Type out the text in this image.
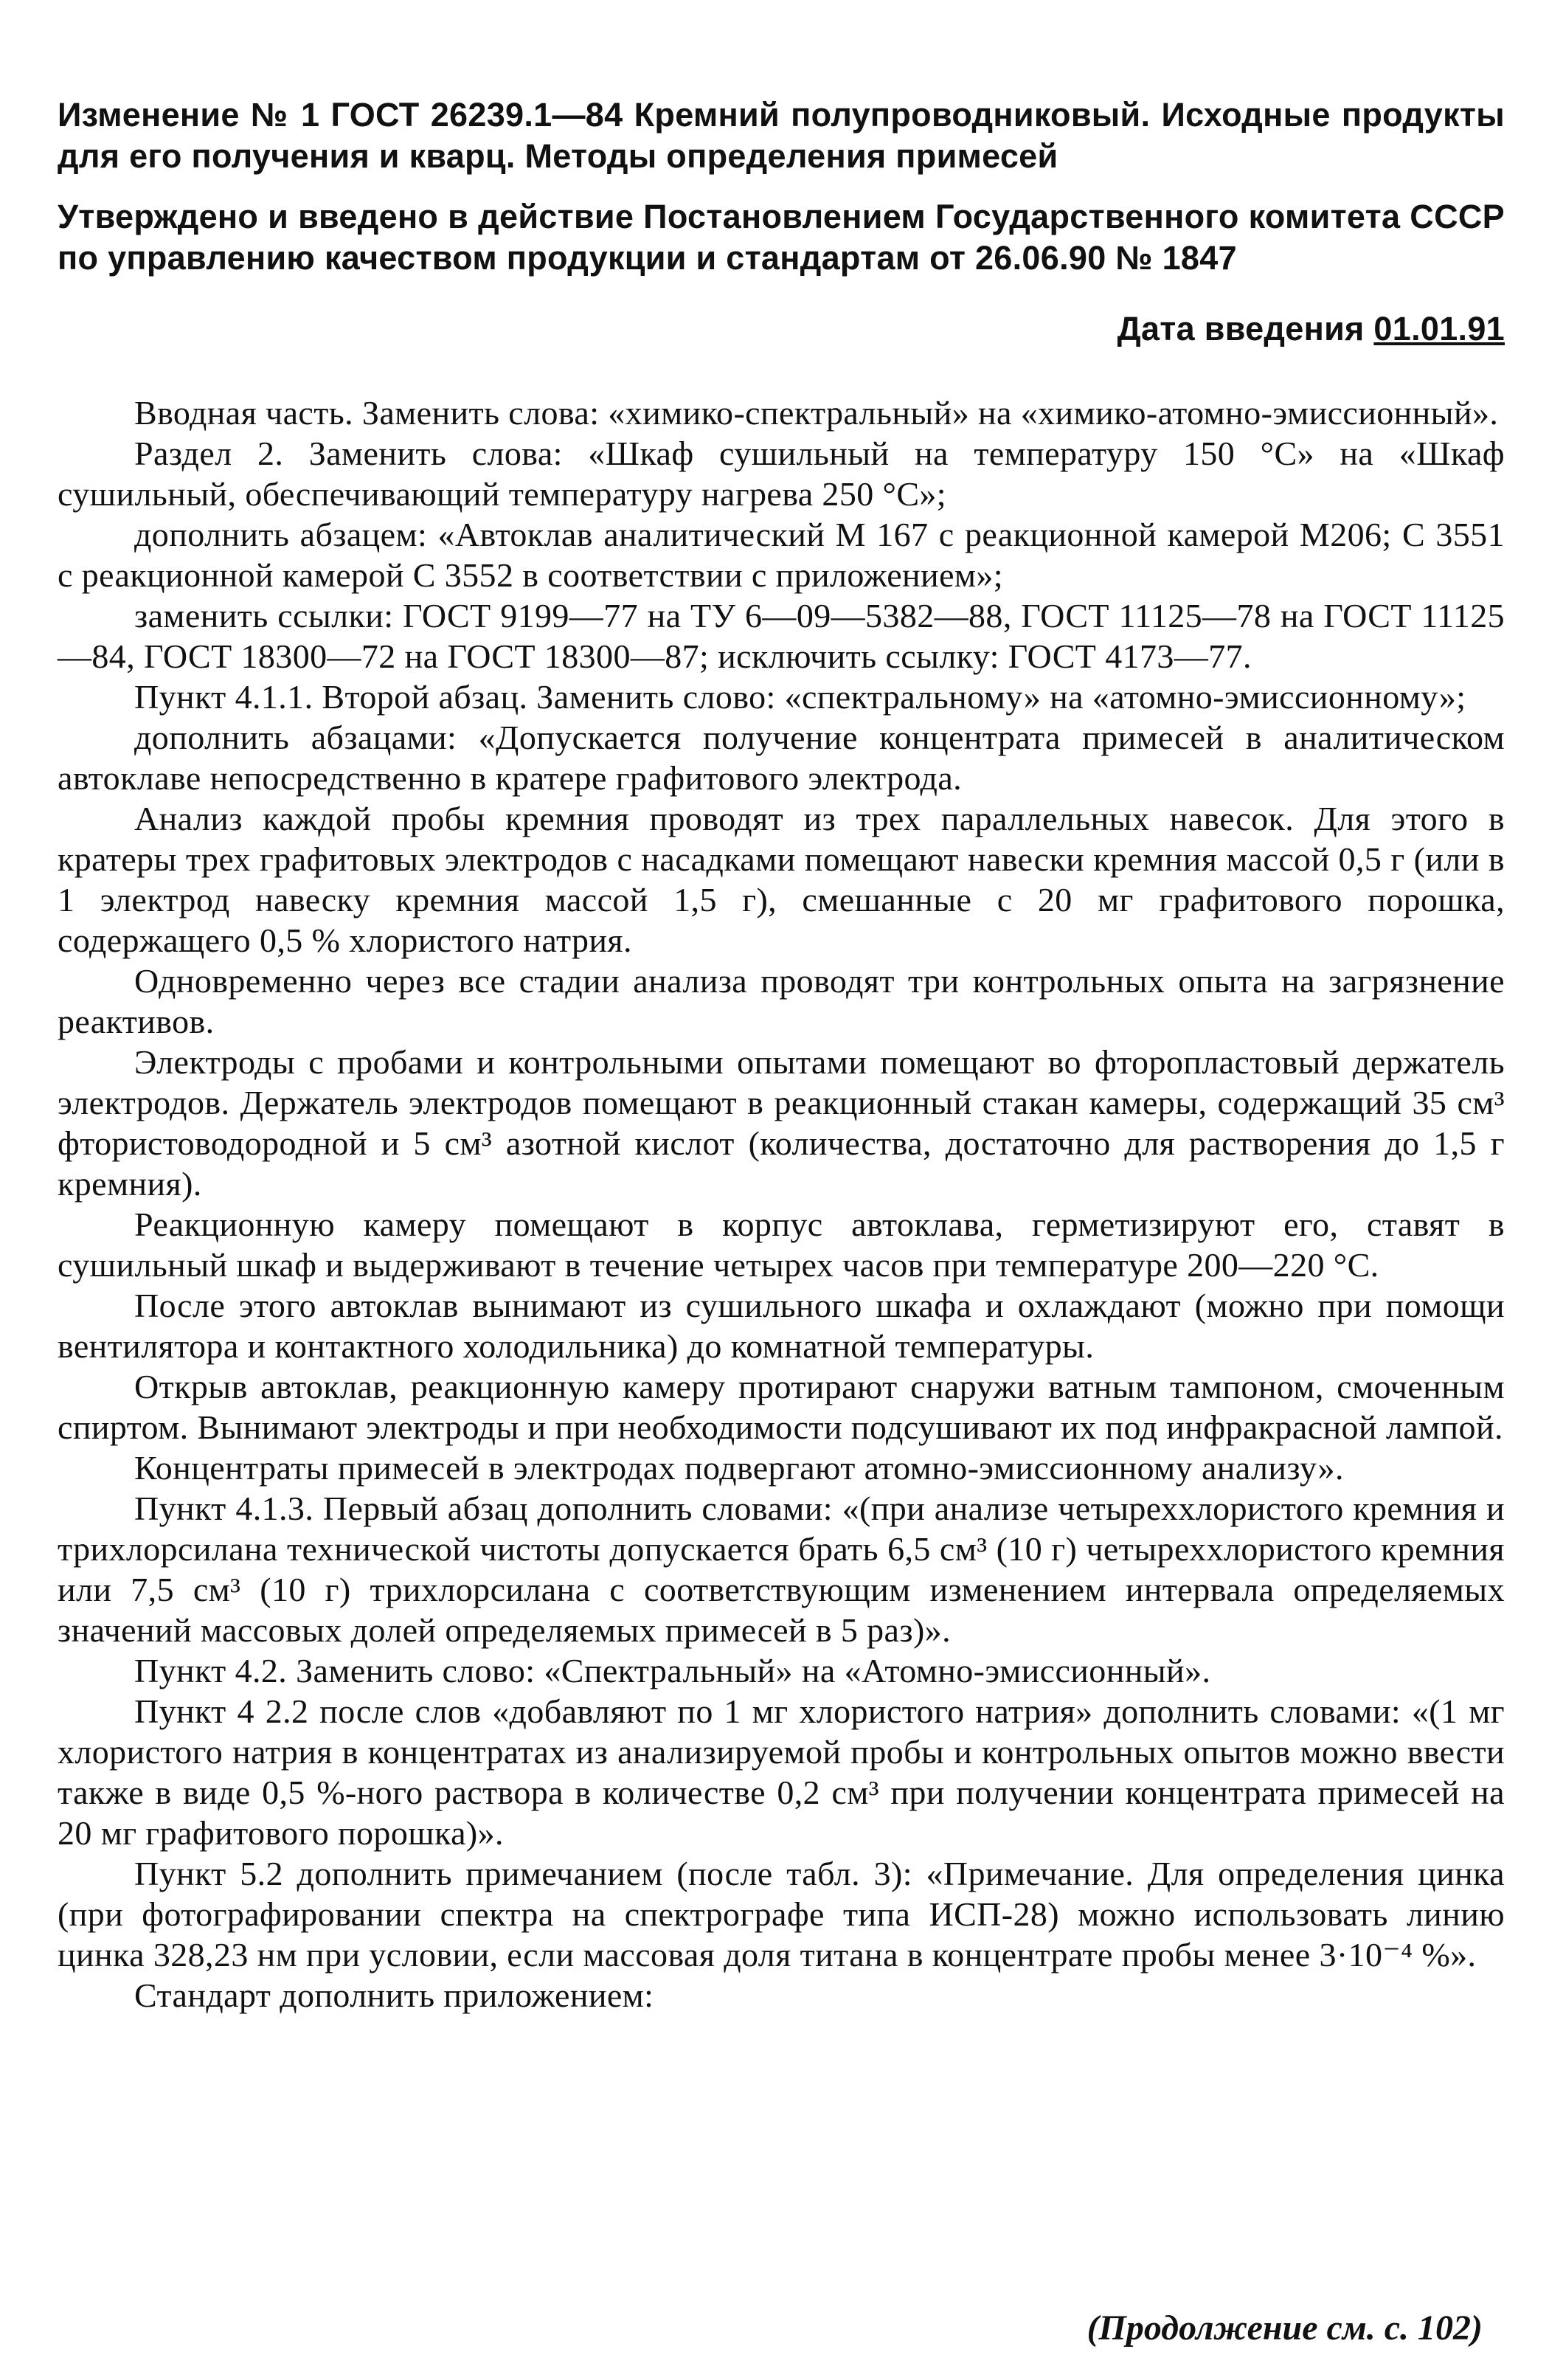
Изменение № 1 ГОСТ 26239.1—84 Кремний полупроводниковый. Исходные продукты для его получения и кварц. Методы определения примесей

Утверждено и введено в действие Постановлением Государственного комитета СССР по управлению качеством продукции и стандартам от 26.06.90 № 1847

Дата введения 01.01.91

Вводная часть. Заменить слова: «химико-спектральный» на «химико-атомно-эмиссионный».

Раздел 2. Заменить слова: «Шкаф сушильный на температуру 150 °С» на «Шкаф сушильный, обеспечивающий температуру нагрева 250 °С»;

дополнить абзацем: «Автоклав аналитический М 167 с реакционной камерой М206; С 3551 с реакционной камерой С 3552 в соответствии с приложением»;

заменить ссылки: ГОСТ 9199—77 на ТУ 6—09—5382—88, ГОСТ 11125—78 на ГОСТ 11125—84, ГОСТ 18300—72 на ГОСТ 18300—87; исключить ссылку: ГОСТ 4173—77.

Пункт 4.1.1. Второй абзац. Заменить слово: «спектральному» на «атомно-эмиссионному»;

дополнить абзацами: «Допускается получение концентрата примесей в аналитическом автоклаве непосредственно в кратере графитового электрода.

Анализ каждой пробы кремния проводят из трех параллельных навесок. Для этого в кратеры трех графитовых электродов с насадками помещают навески кремния массой 0,5 г (или в 1 электрод навеску кремния массой 1,5 г), смешанные с 20 мг графитового порошка, содержащего 0,5 % хлористого натрия.

Одновременно через все стадии анализа проводят три контрольных опыта на загрязнение реактивов.

Электроды с пробами и контрольными опытами помещают во фторопластовый держатель электродов. Держатель электродов помещают в реакционный стакан камеры, содержащий 35 см³ фтористоводородной и 5 см³ азотной кислот (количества, достаточно для растворения до 1,5 г кремния).

Реакционную камеру помещают в корпус автоклава, герметизируют его, ставят в сушильный шкаф и выдерживают в течение четырех часов при температуре 200—220 °С.

После этого автоклав вынимают из сушильного шкафа и охлаждают (можно при помощи вентилятора и контактного холодильника) до комнатной температуры.

Открыв автоклав, реакционную камеру протирают снаружи ватным тампоном, смоченным спиртом. Вынимают электроды и при необходимости подсушивают их под инфракрасной лампой.

Концентраты примесей в электродах подвергают атомно-эмиссионному анализу».

Пункт 4.1.3. Первый абзац дополнить словами: «(при анализе четыреххлористого кремния и трихлорсилана технической чистоты допускается брать 6,5 см³ (10 г) четыреххлористого кремния или 7,5 см³ (10 г) трихлорсилана с соответствующим изменением интервала определяемых значений массовых долей определяемых примесей в 5 раз)».

Пункт 4.2. Заменить слово: «Спектральный» на «Атомно-эмиссионный».

Пункт 4 2.2 после слов «добавляют по 1 мг хлористого натрия» дополнить словами: «(1 мг хлористого натрия в концентратах из анализируемой пробы и контрольных опытов можно ввести также в виде 0,5 %-ного раствора в количестве 0,2 см³ при получении концентрата примесей на 20 мг графитового порошка)».

Пункт 5.2 дополнить примечанием (после табл. 3): «Примечание. Для определения цинка (при фотографировании спектра на спектрографе типа ИСП-28) можно использовать линию цинка 328,23 нм при условии, если массовая доля титана в концентрате пробы менее 3·10⁻⁴ %».

Стандарт дополнить приложением:

(Продолжение см. с. 102)
